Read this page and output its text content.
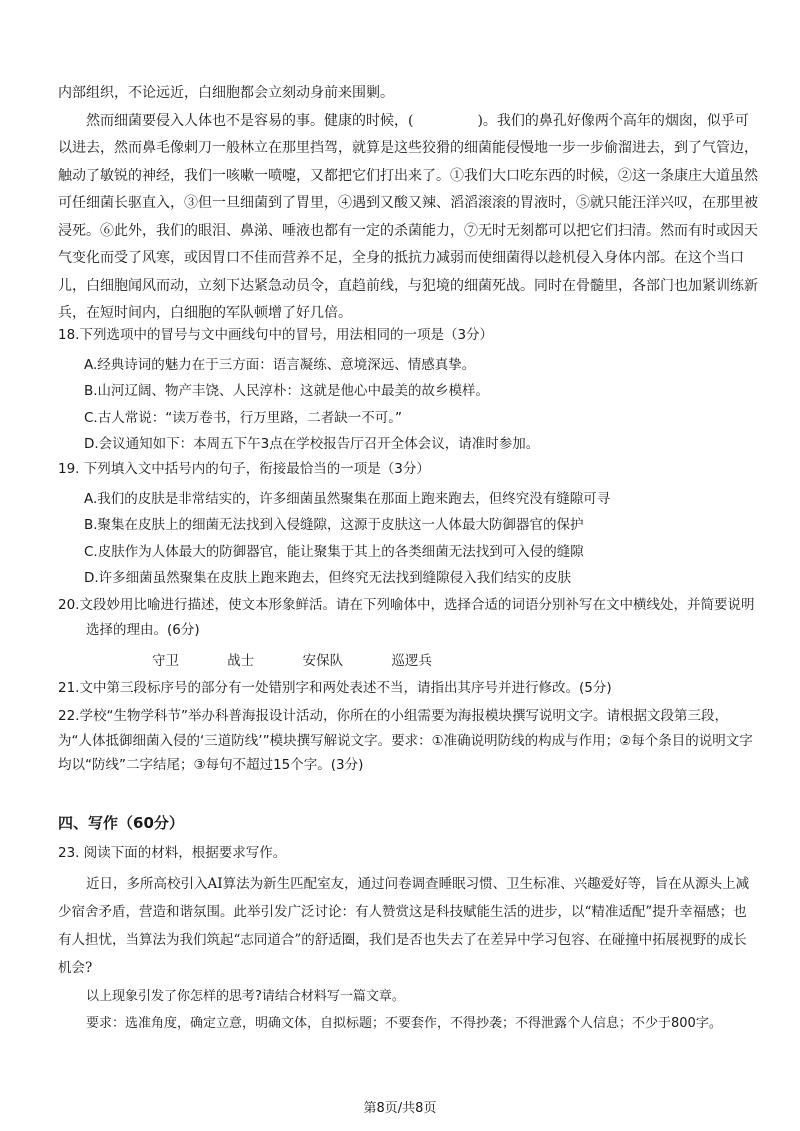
内部组织，不论远近，白细胞都会立刻动身前来围剿。

然而细菌要侵入人体也不是容易的事。健康的时候，(	)。我们的鼻孔好像两个高年的烟囱，似乎可以进去，然而鼻毛像剌刀一般林立在那里挡驾，就算是这些狡猾的细菌能侵慢地一步一步偷溜进去，到了气管边，触动了敏锐的神经，我们一咳嗽一喷嚏，又都把它们打出来了。①我们大口吃东西的时候，②这一条康庄大道虽然可任细菌长驱直入，③但一旦细菌到了胃里，④遇到又酸又辣、滔滔滚滚的胃液时，⑤就只能汪洋兴叹，在那里被浸死。⑥此外，我们的眼泪、鼻涕、唾液也都有一定的杀菌能力，⑦无时无刻都可以把它们扫清。然而有时或因天气变化而受了风寒，或因胃口不佳而营养不足，全身的抵抗力减弱而使细菌得以趁机侵入身体内部。在这个当口儿，白细胞闻风而动，立刻下达紧急动员令，直趋前线，与犯境的细菌死战。同时在骨髓里，各部门也加紧训练新兵，在短时间内，白细胞的军队顿增了好几倍。

18.下列选项中的冒号与文中画线句中的冒号，用法相同的一项是（3分）

A.经典诗词的魅力在于三方面：语言凝练、意境深远、情感真挚。

B.山河辽阔、物产丰饶、人民淳朴：这就是他心中最美的故乡模样。

C.古人常说：“读万卷书，行万里路，二者缺一不可。”

D.会议通知如下：本周五下午3点在学校报告厅召开全体会议，请准时参加。

19. 下列填入文中括号内的句子，衔接最恰当的一项是（3分）

A.我们的皮肤是非常结实的，许多细菌虽然聚集在那面上跑来跑去，但终究没有缝隙可寻

B.聚集在皮肤上的细菌无法找到入侵缝隙，这源于皮肤这一人体最大防御器官的保护

C.皮肤作为人体最大的防御器官，能让聚集于其上的各类细菌无法找到可入侵的缝隙

D.许多细菌虽然聚集在皮肤上跑来跑去，但终究无法找到缝隙侵入我们结实的皮肤

20.文段妙用比喻进行描述，使文本形象鲜活。请在下列喻体中，选择合适的词语分别补写在文中横线处，并简要说明选择的理由。(6分)

守卫	战士	安保队	巡逻兵

21.文中第三段标序号的部分有一处错别字和两处表述不当，请指出其序号并进行修改。(5分)

22.学校“生物学科节”举办科普海报设计活动，你所在的小组需要为海报模块撰写说明文字。请根据文段第三段，为“人体抵御细菌入侵的‘三道防线’”模块撰写解说文字。要求：①准确说明防线的构成与作用；②每个条目的说明文字均以“防线”二字结尾；③每句不超过15个字。(3分)

四、写作（60分）

23. 阅读下面的材料，根据要求写作。

近日，多所高校引入AI算法为新生匹配室友，通过问卷调查睡眠习惯、卫生标准、兴趣爱好等，旨在从源头上减少宿舍矛盾，营造和谐氛围。此举引发广泛讨论：有人赞赏这是科技赋能生活的进步，以“精准适配”提升幸福感；也有人担忧，当算法为我们筑起“志同道合”的舒适圈，我们是否也失去了在差异中学习包容、在碰撞中拓展视野的成长机会?

以上现象引发了你怎样的思考?请结合材料写一篇文章。

要求：选准角度，确定立意，明确文体，自拟标题；不要套作，不得抄袭；不得泄露个人信息；不少于800字。

第8页/共8页
